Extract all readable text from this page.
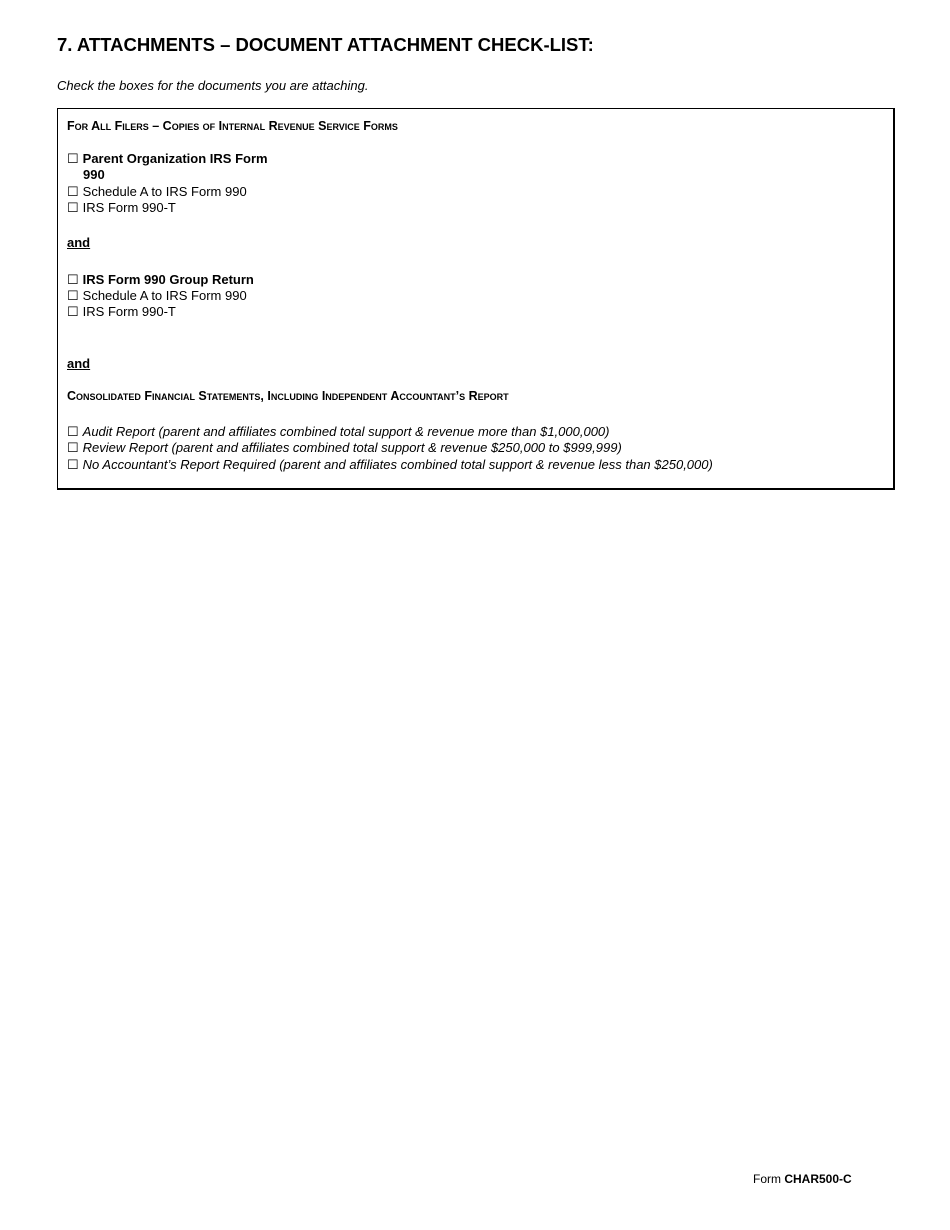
7. ATTACHMENTS – DOCUMENT ATTACHMENT CHECK-LIST:
Check the boxes for the documents you are attaching.
For All Filers – Copies of Internal Revenue Service Forms
☐ Parent Organization IRS Form
990
☐ Schedule A to IRS Form 990
☐ IRS Form 990-T
and
☐ IRS Form 990 Group Return
☐ Schedule A to IRS Form 990
☐ IRS Form 990-T
and
Consolidated Financial Statements, Including Independent Accountant’s Report
☐ Audit Report (parent and affiliates combined total support & revenue more than $1,000,000)
☐ Review Report (parent and affiliates combined total support & revenue $250,000 to $999,999)
☐ No Accountant’s Report Required (parent and affiliates combined total support & revenue less than $250,000)
Form CHAR500-C
